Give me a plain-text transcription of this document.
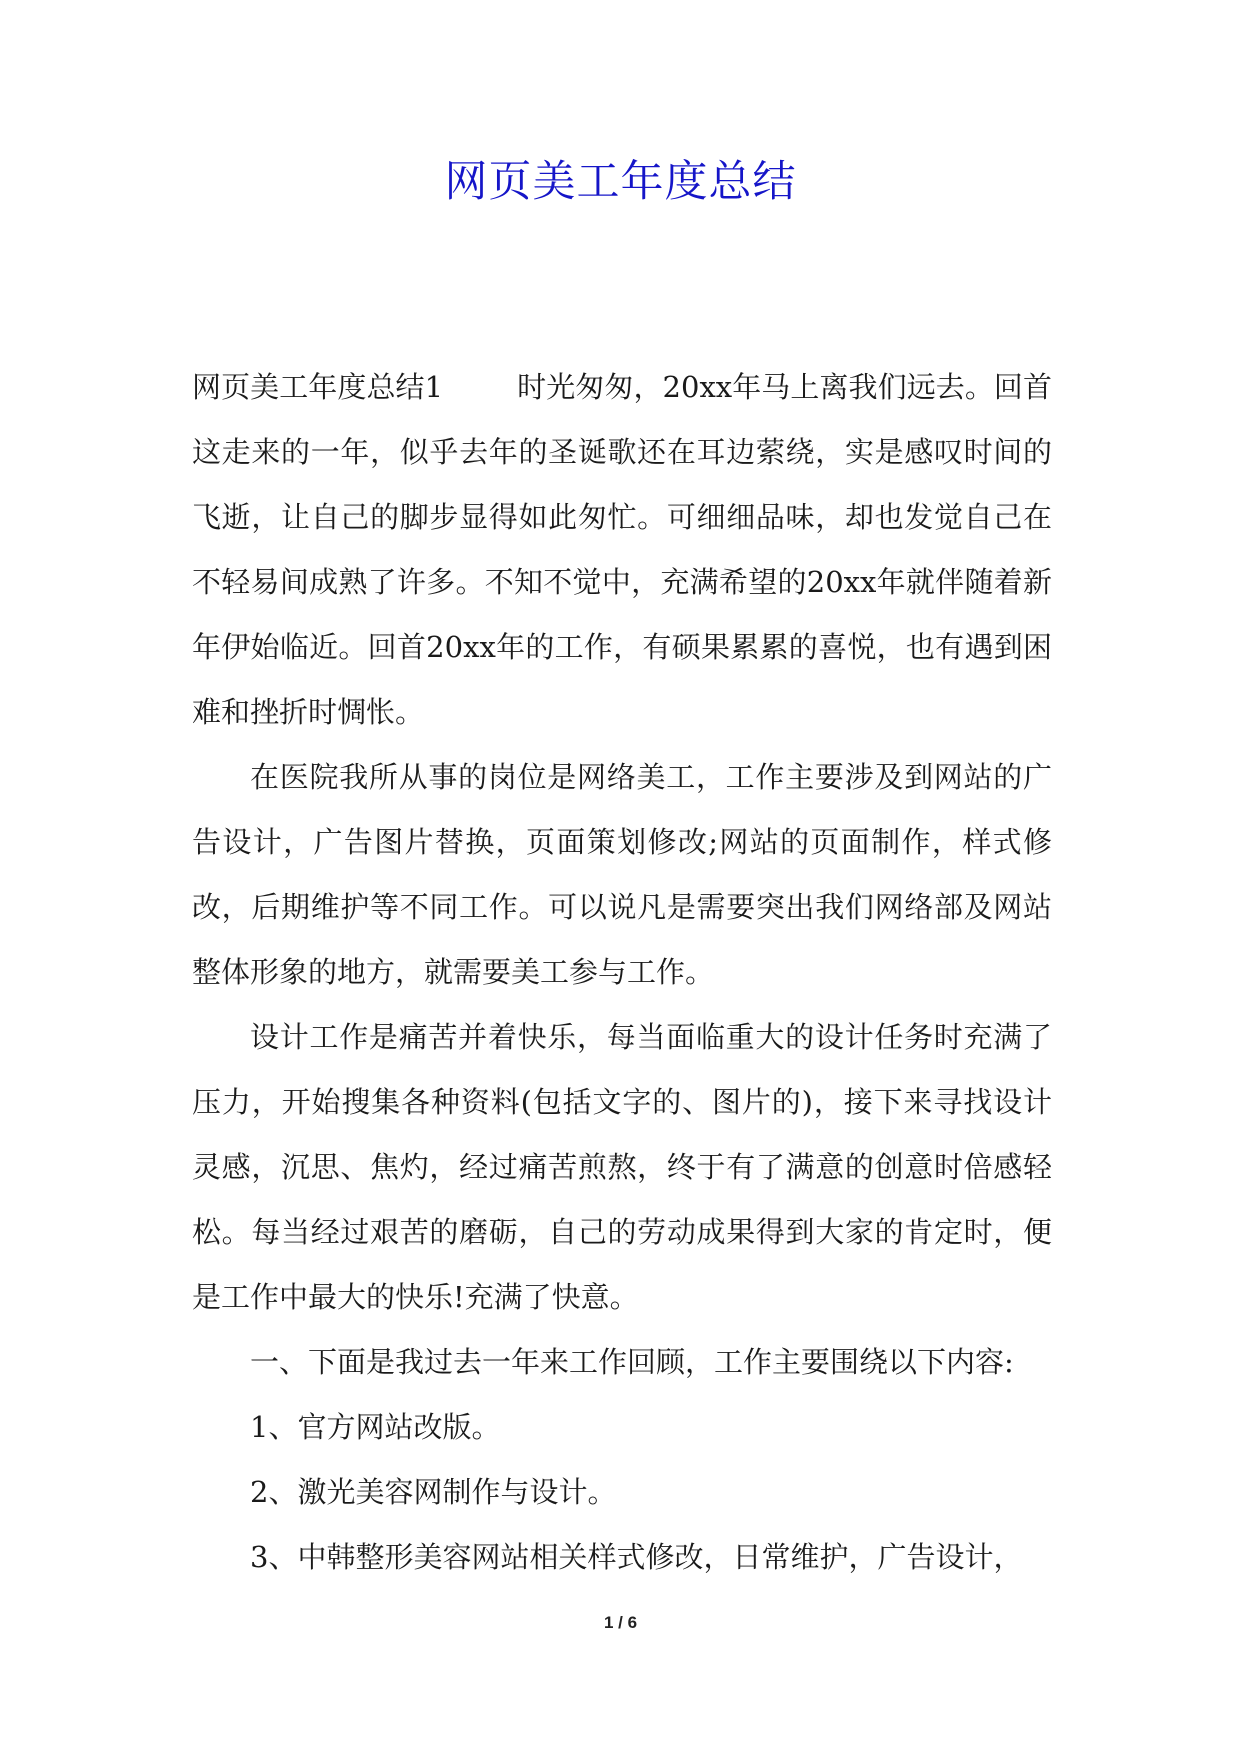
网页美工年度总结

网页美工年度总结1	时光匆匆，20xx年马上离我们远去。回首这走来的一年，似乎去年的圣诞歌还在耳边萦绕，实是感叹时间的飞逝，让自己的脚步显得如此匆忙。可细细品味，却也发觉自己在不轻易间成熟了许多。不知不觉中，充满希望的20xx年就伴随着新年伊始临近。回首20xx年的工作，有硕果累累的喜悦，也有遇到困难和挫折时惆怅。

在医院我所从事的岗位是网络美工，工作主要涉及到网站的广告设计，广告图片替换，页面策划修改;网站的页面制作，样式修改，后期维护等不同工作。可以说凡是需要突出我们网络部及网站整体形象的地方，就需要美工参与工作。

设计工作是痛苦并着快乐，每当面临重大的设计任务时充满了压力，开始搜集各种资料(包括文字的、图片的)，接下来寻找设计灵感，沉思、焦灼，经过痛苦煎熬，终于有了满意的创意时倍感轻松。每当经过艰苦的磨砺，自己的劳动成果得到大家的肯定时，便是工作中最大的快乐!充满了快意。

一、下面是我过去一年来工作回顾，工作主要围绕以下内容:

1、官方网站改版。

2、激光美容网制作与设计。

3、中韩整形美容网站相关样式修改，日常维护，广告设计，

1 / 6
